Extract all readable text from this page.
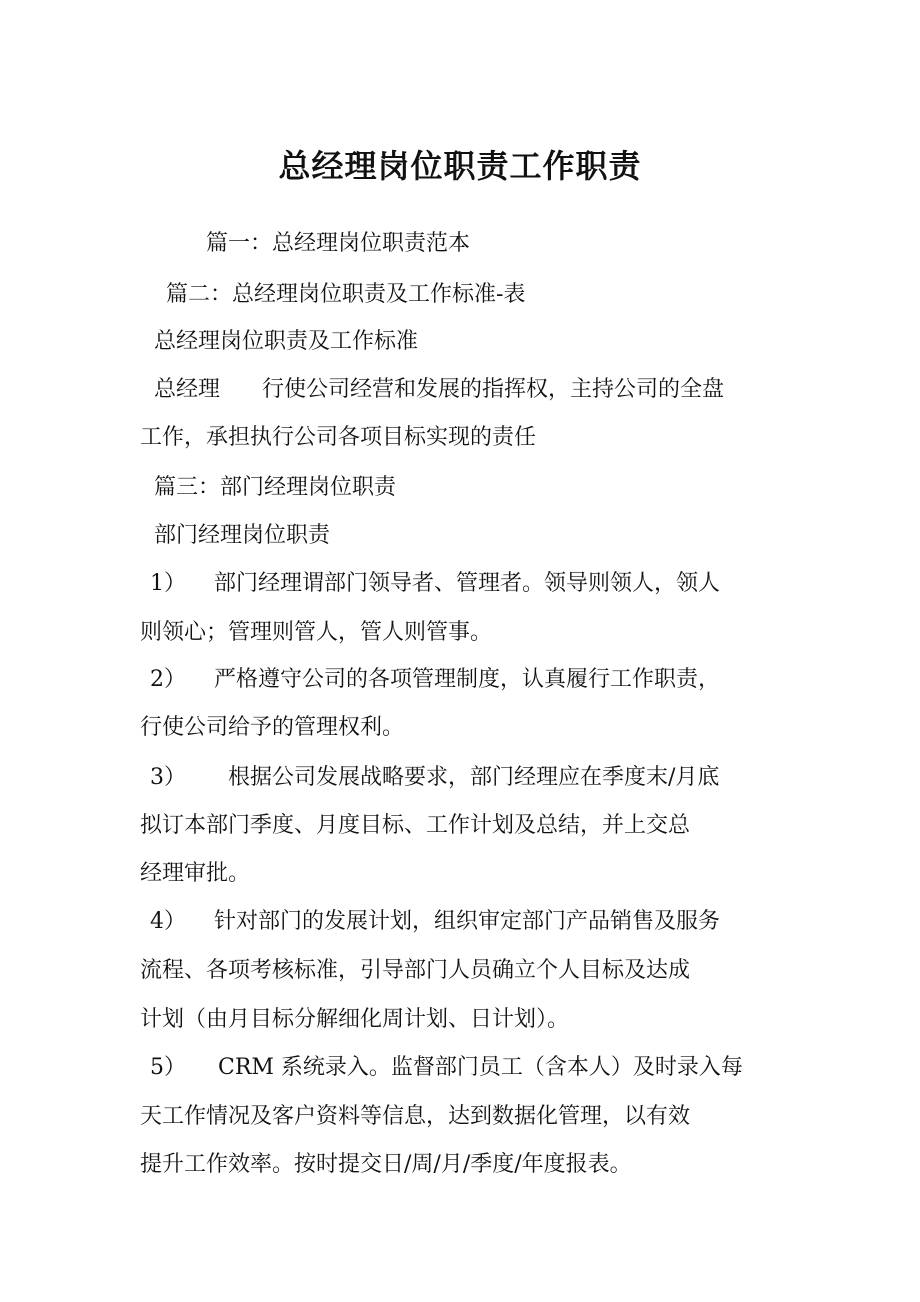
总经理岗位职责工作职责
篇一：总经理岗位职责范本
篇二：总经理岗位职责及工作标准-表
总经理岗位职责及工作标准
总经理 行使公司经营和发展的指挥权，主持公司的全盘
工作，承担执行公司各项目标实现的责任
篇三：部门经理岗位职责
部门经理岗位职责
1） 部门经理谓部门领导者、管理者。领导则领人，领人
则领心；管理则管人，管人则管事。
2） 严格遵守公司的各项管理制度，认真履行工作职责，
行使公司给予的管理权利。
3） 根据公司发展战略要求，部门经理应在季度末/月底
拟订本部门季度、月度目标、工作计划及总结，并上交总
经理审批。
4） 针对部门的发展计划，组织审定部门产品销售及服务
流程、各项考核标准，引导部门人员确立个人目标及达成
计划（由月目标分解细化周计划、日计划）。
5） CRM 系统录入。监督部门员工（含本人）及时录入每
天工作情况及客户资料等信息，达到数据化管理，以有效
提升工作效率。按时提交日/周/月/季度/年度报表。
